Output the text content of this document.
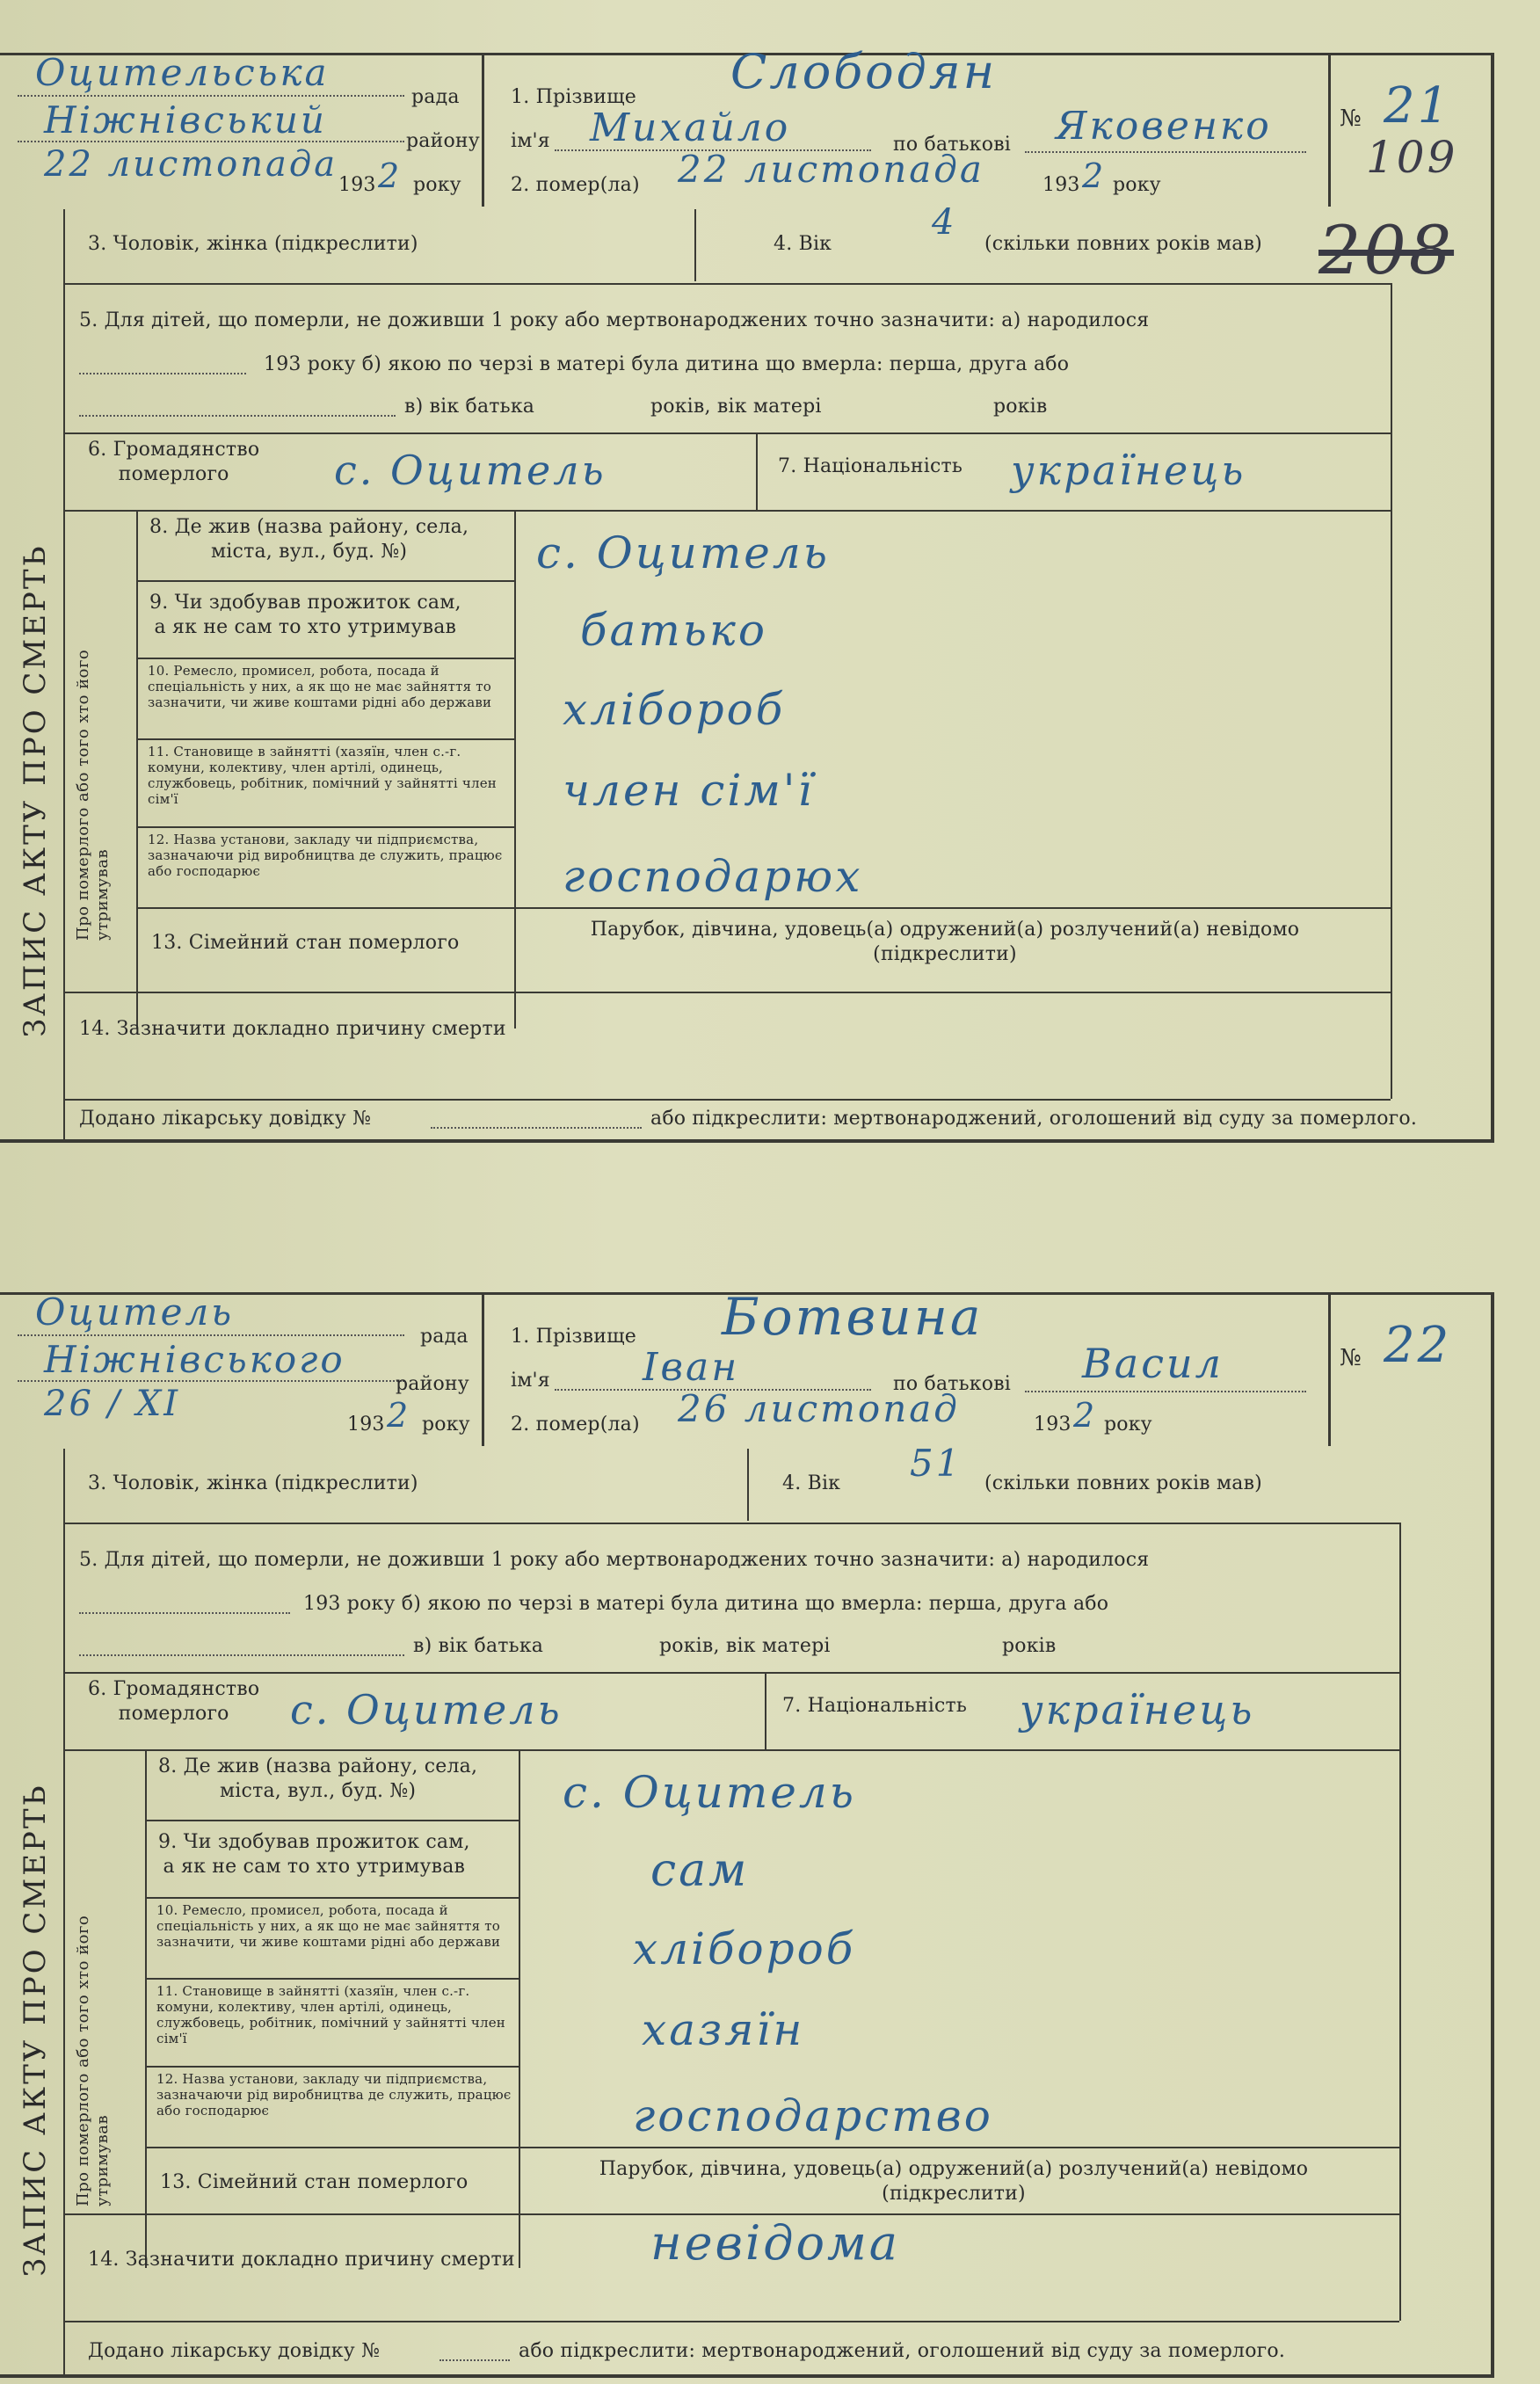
Оцительська
рада
Ніжнівський	району
22 листопада
193 2 року
1. Прізвище Слободян
ім'я Михайло	по батькові Яковенко
2. помер(ла) 22 листопада	193 2 року
№ 21
109
ЗАПИС АКТУ ПРО СМЕРТЬ Про померлого або того хто його утримував
3. Чоловік, жінка (підкреслити)	4. Вік
4
(скільки повних років мав) 208
5. Для дітей, що померли, не доживши 1 року або мертвонароджених точно зазначити: а) народилося
193 року б) якою по черзі в матері була дитина що вмерла: перша, друга або
в) вік батька	років, вік матері	років
6. Громадянство
померлого	с. Оцитель	7. Національність українець
8. Де жив (назва району, села,
міста, вул., буд. №)	с. Оцитель
9. Чи здобував прожиток сам,
а як не сам то хто утримував	батько
10. Ремесло, промисел, робота, посада й спеціальність у них, а як що не має зайняття то зазначити, чи живе коштами рідні або держави	хлібороб
11. Становище в зайнятті (хазяїн, член с.-г. комуни, колективу, член артілі, одинець, службовець, робітник, помічний у зайнятті член сім'ї	член сім'ї
12. Назва установи, закладу чи підприємства, зазначаючи рід виробництва де служить, працює або господарює	господарюх
13. Сімейний стан померлого
Парубок, дівчина, удовець(а) одружений(а) розлучений(а) невідомо (підкреслити)
14. Зазначити докладно причину смерти
Додано лікарську довідку №	або підкреслити: мертвонароджений, оголошений від суду за померлого.
Оцитель
рада
Ніжнівського
району
26 / XI
193 2 року
1. Прізвище Ботвина
ім'я Іван	по батькові Васил
2. помер(ла) 26 листопад	193 2 року
№ 22
ЗАПИС АКТУ ПРО СМЕРТЬ Про померлого або того хто його утримував
3. Чоловік, жінка (підкреслити)	4. Вік 51 (скільки повних років мав)
5. Для дітей, що померли, не доживши 1 року або мертвонароджених точно зазначити: а) народилося
193 року б) якою по черзі в матері була дитина що вмерла: перша, друга або
в) вік батька	років, вік матері	років
6. Громадянство
померлого	с. Оцитель	7. Національність українець
8. Де жив (назва району, села,
міста, вул., буд. №)	с. Оцитель
9. Чи здобував прожиток сам,
а як не сам то хто утримував	сам
10. Ремесло, промисел, робота, посада й спеціальність у них, а як що не має зайняття то зазначити, чи живе коштами рідні або держави	хлібороб
11. Становище в зайнятті (хазяїн, член с.-г. комуни, колективу, член артілі, одинець, службовець, робітник, помічний у зайнятті член сім'ї	хазяїн
12. Назва установи, закладу чи підприємства, зазначаючи рід виробництва де служить, працює або господарює	господарство
13. Сімейний стан померлого
Парубок, дівчина, удовець(а) одружений(а) розлучений(а) невідомо (підкреслити)
14. Зазначити докладно причину смерти	невідома
Додано лікарську довідку №	або підкреслити: мертвонароджений, оголошений від суду за померлого.
